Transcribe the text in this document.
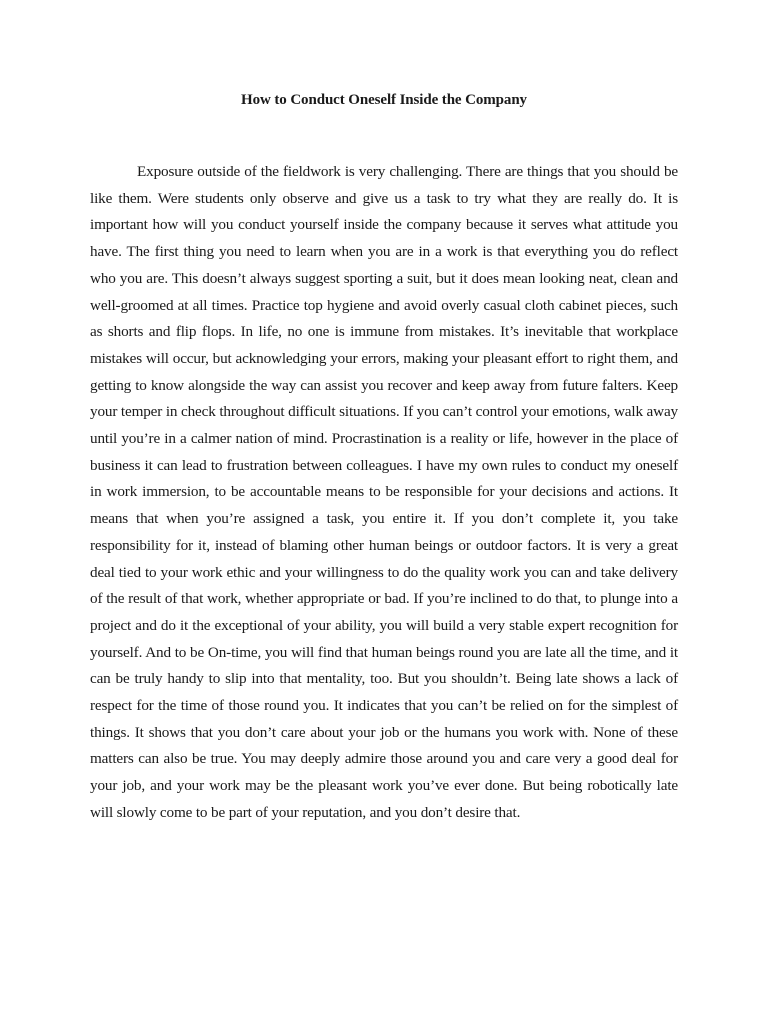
How to Conduct Oneself Inside the Company

Exposure outside of the fieldwork is very challenging. There are things that you should be like them. Were students only observe and give us a task to try what they are really do. It is important how will you conduct yourself inside the company because it serves what attitude you have. The first thing you need to learn when you are in a work is that everything you do reflect who you are. This doesn’t always suggest sporting a suit, but it does mean looking neat, clean and well-groomed at all times. Practice top hygiene and avoid overly casual cloth cabinet pieces, such as shorts and flip flops. In life, no one is immune from mistakes. It’s inevitable that workplace mistakes will occur, but acknowledging your errors, making your pleasant effort to right them, and getting to know alongside the way can assist you recover and keep away from future falters. Keep your temper in check throughout difficult situations. If you can’t control your emotions, walk away until you’re in a calmer nation of mind. Procrastination is a reality or life, however in the place of business it can lead to frustration between colleagues. I have my own rules to conduct my oneself in work immersion, to be accountable means to be responsible for your decisions and actions. It means that when you’re assigned a task, you entire it. If you don’t complete it, you take responsibility for it, instead of blaming other human beings or outdoor factors. It is very a great deal tied to your work ethic and your willingness to do the quality work you can and take delivery of the result of that work, whether appropriate or bad. If you’re inclined to do that, to plunge into a project and do it the exceptional of your ability, you will build a very stable expert recognition for yourself. And to be On-time, you will find that human beings round you are late all the time, and it can be truly handy to slip into that mentality, too. But you shouldn’t. Being late shows a lack of respect for the time of those round you. It indicates that you can’t be relied on for the simplest of things. It shows that you don’t care about your job or the humans you work with. None of these matters can also be true. You may deeply admire those around you and care very a good deal for your job, and your work may be the pleasant work you’ve ever done. But being robotically late will slowly come to be part of your reputation, and you don’t desire that.
